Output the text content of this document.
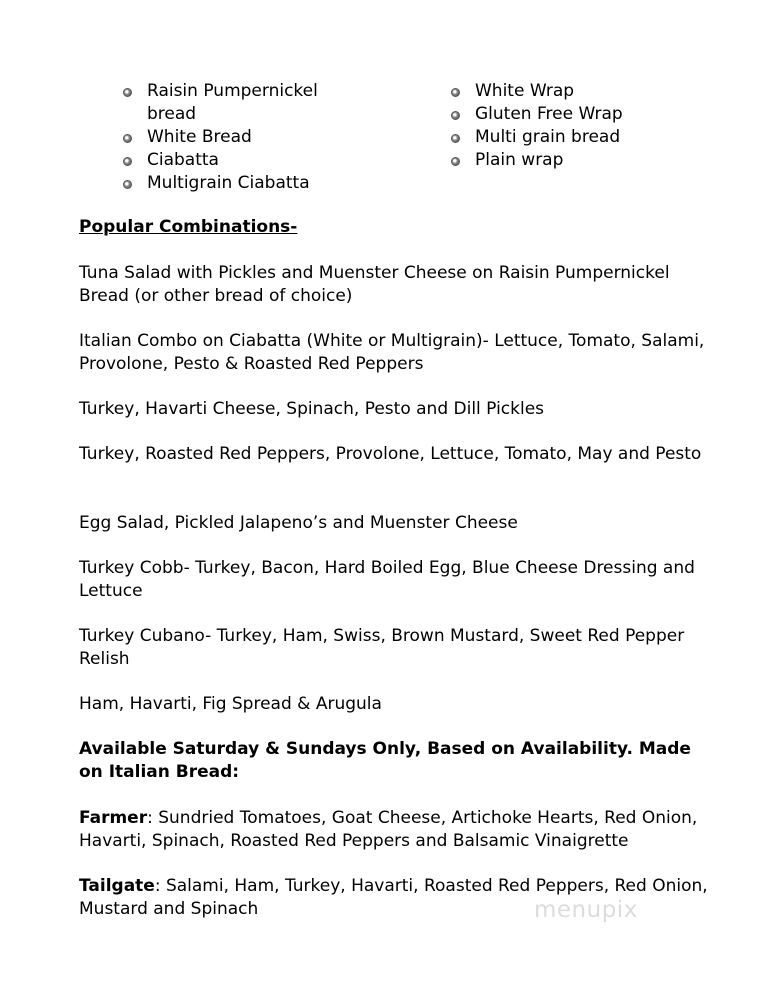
Raisin Pumpernickel bread
White Bread
Ciabatta
Multigrain Ciabatta
White Wrap
Gluten Free Wrap
Multi grain bread
Plain wrap
Popular Combinations-
Tuna Salad with Pickles and Muenster Cheese on Raisin Pumpernickel Bread (or other bread of choice)
Italian Combo on Ciabatta (White or Multigrain)- Lettuce, Tomato, Salami, Provolone, Pesto & Roasted Red Peppers
Turkey, Havarti Cheese, Spinach, Pesto and Dill Pickles
Turkey, Roasted Red Peppers, Provolone, Lettuce, Tomato, May and Pesto
Egg Salad, Pickled Jalapeno’s and Muenster Cheese
Turkey Cobb- Turkey, Bacon, Hard Boiled Egg, Blue Cheese Dressing and Lettuce
Turkey Cubano- Turkey, Ham, Swiss, Brown Mustard, Sweet Red Pepper Relish
Ham, Havarti, Fig Spread & Arugula
Available Saturday & Sundays Only, Based on Availability. Made on Italian Bread:
Farmer: Sundried Tomatoes, Goat Cheese, Artichoke Hearts, Red Onion, Havarti, Spinach, Roasted Red Peppers and Balsamic Vinaigrette
Tailgate: Salami, Ham, Turkey, Havarti, Roasted Red Peppers, Red Onion, Mustard and Spinach	menupix
